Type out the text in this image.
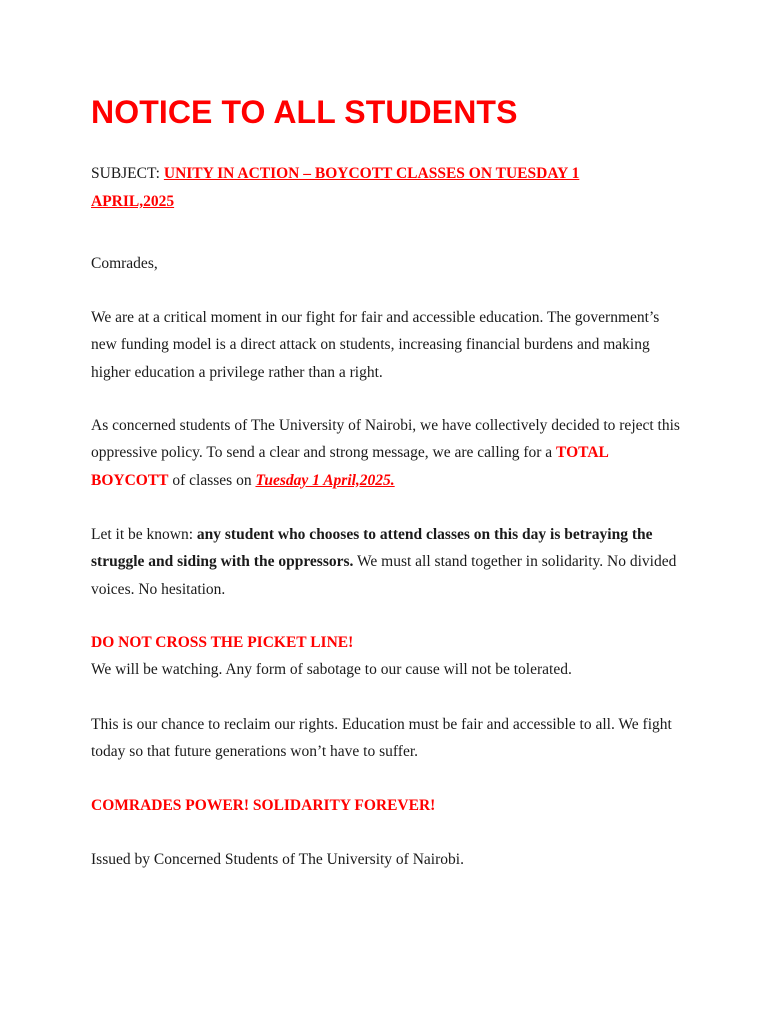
NOTICE TO ALL STUDENTS

SUBJECT: UNITY IN ACTION – BOYCOTT CLASSES ON TUESDAY 1 APRIL,2025

Comrades,

We are at a critical moment in our fight for fair and accessible education. The government’s new funding model is a direct attack on students, increasing financial burdens and making higher education a privilege rather than a right.

As concerned students of The University of Nairobi, we have collectively decided to reject this oppressive policy. To send a clear and strong message, we are calling for a TOTAL BOYCOTT of classes on Tuesday 1 April,2025.

Let it be known: any student who chooses to attend classes on this day is betraying the struggle and siding with the oppressors. We must all stand together in solidarity. No divided voices. No hesitation.

DO NOT CROSS THE PICKET LINE!
We will be watching. Any form of sabotage to our cause will not be tolerated.

This is our chance to reclaim our rights. Education must be fair and accessible to all. We fight today so that future generations won’t have to suffer.

COMRADES POWER! SOLIDARITY FOREVER!

Issued by Concerned Students of The University of Nairobi.
